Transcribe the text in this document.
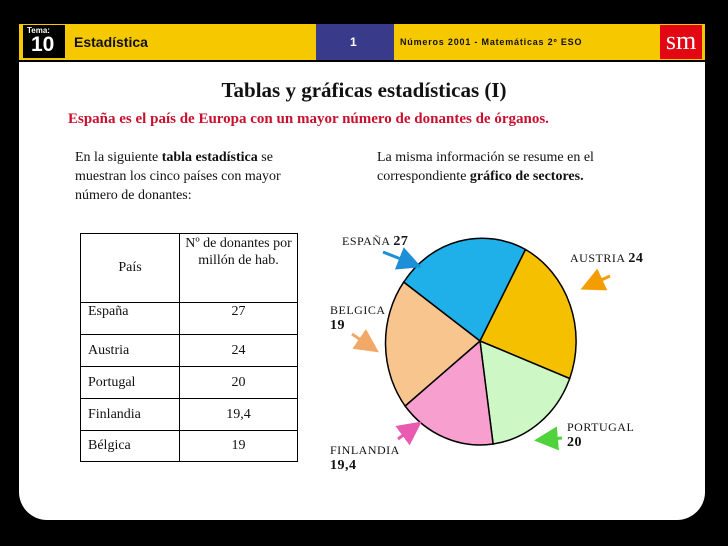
Tema:
10 Estadística	1	Números 2001 - Matemáticas 2º ESO	sm
Tablas y gráficas estadísticas (I)
España es el país de Europa con un mayor número de donantes de órganos.
En la siguiente tabla estadística se muestran los cinco países con mayor número de donantes:
La misma información se resume en el correspondiente gráfico de sectores.
País	Nº de donantes por millón de hab.
España	27
Austria	24
Portugal	20
Finlandia	19,4
Bélgica	19
ESPAÑA 27
AUSTRIA 24
BELGICA
19
FINLANDIA
19,4
PORTUGAL
20
